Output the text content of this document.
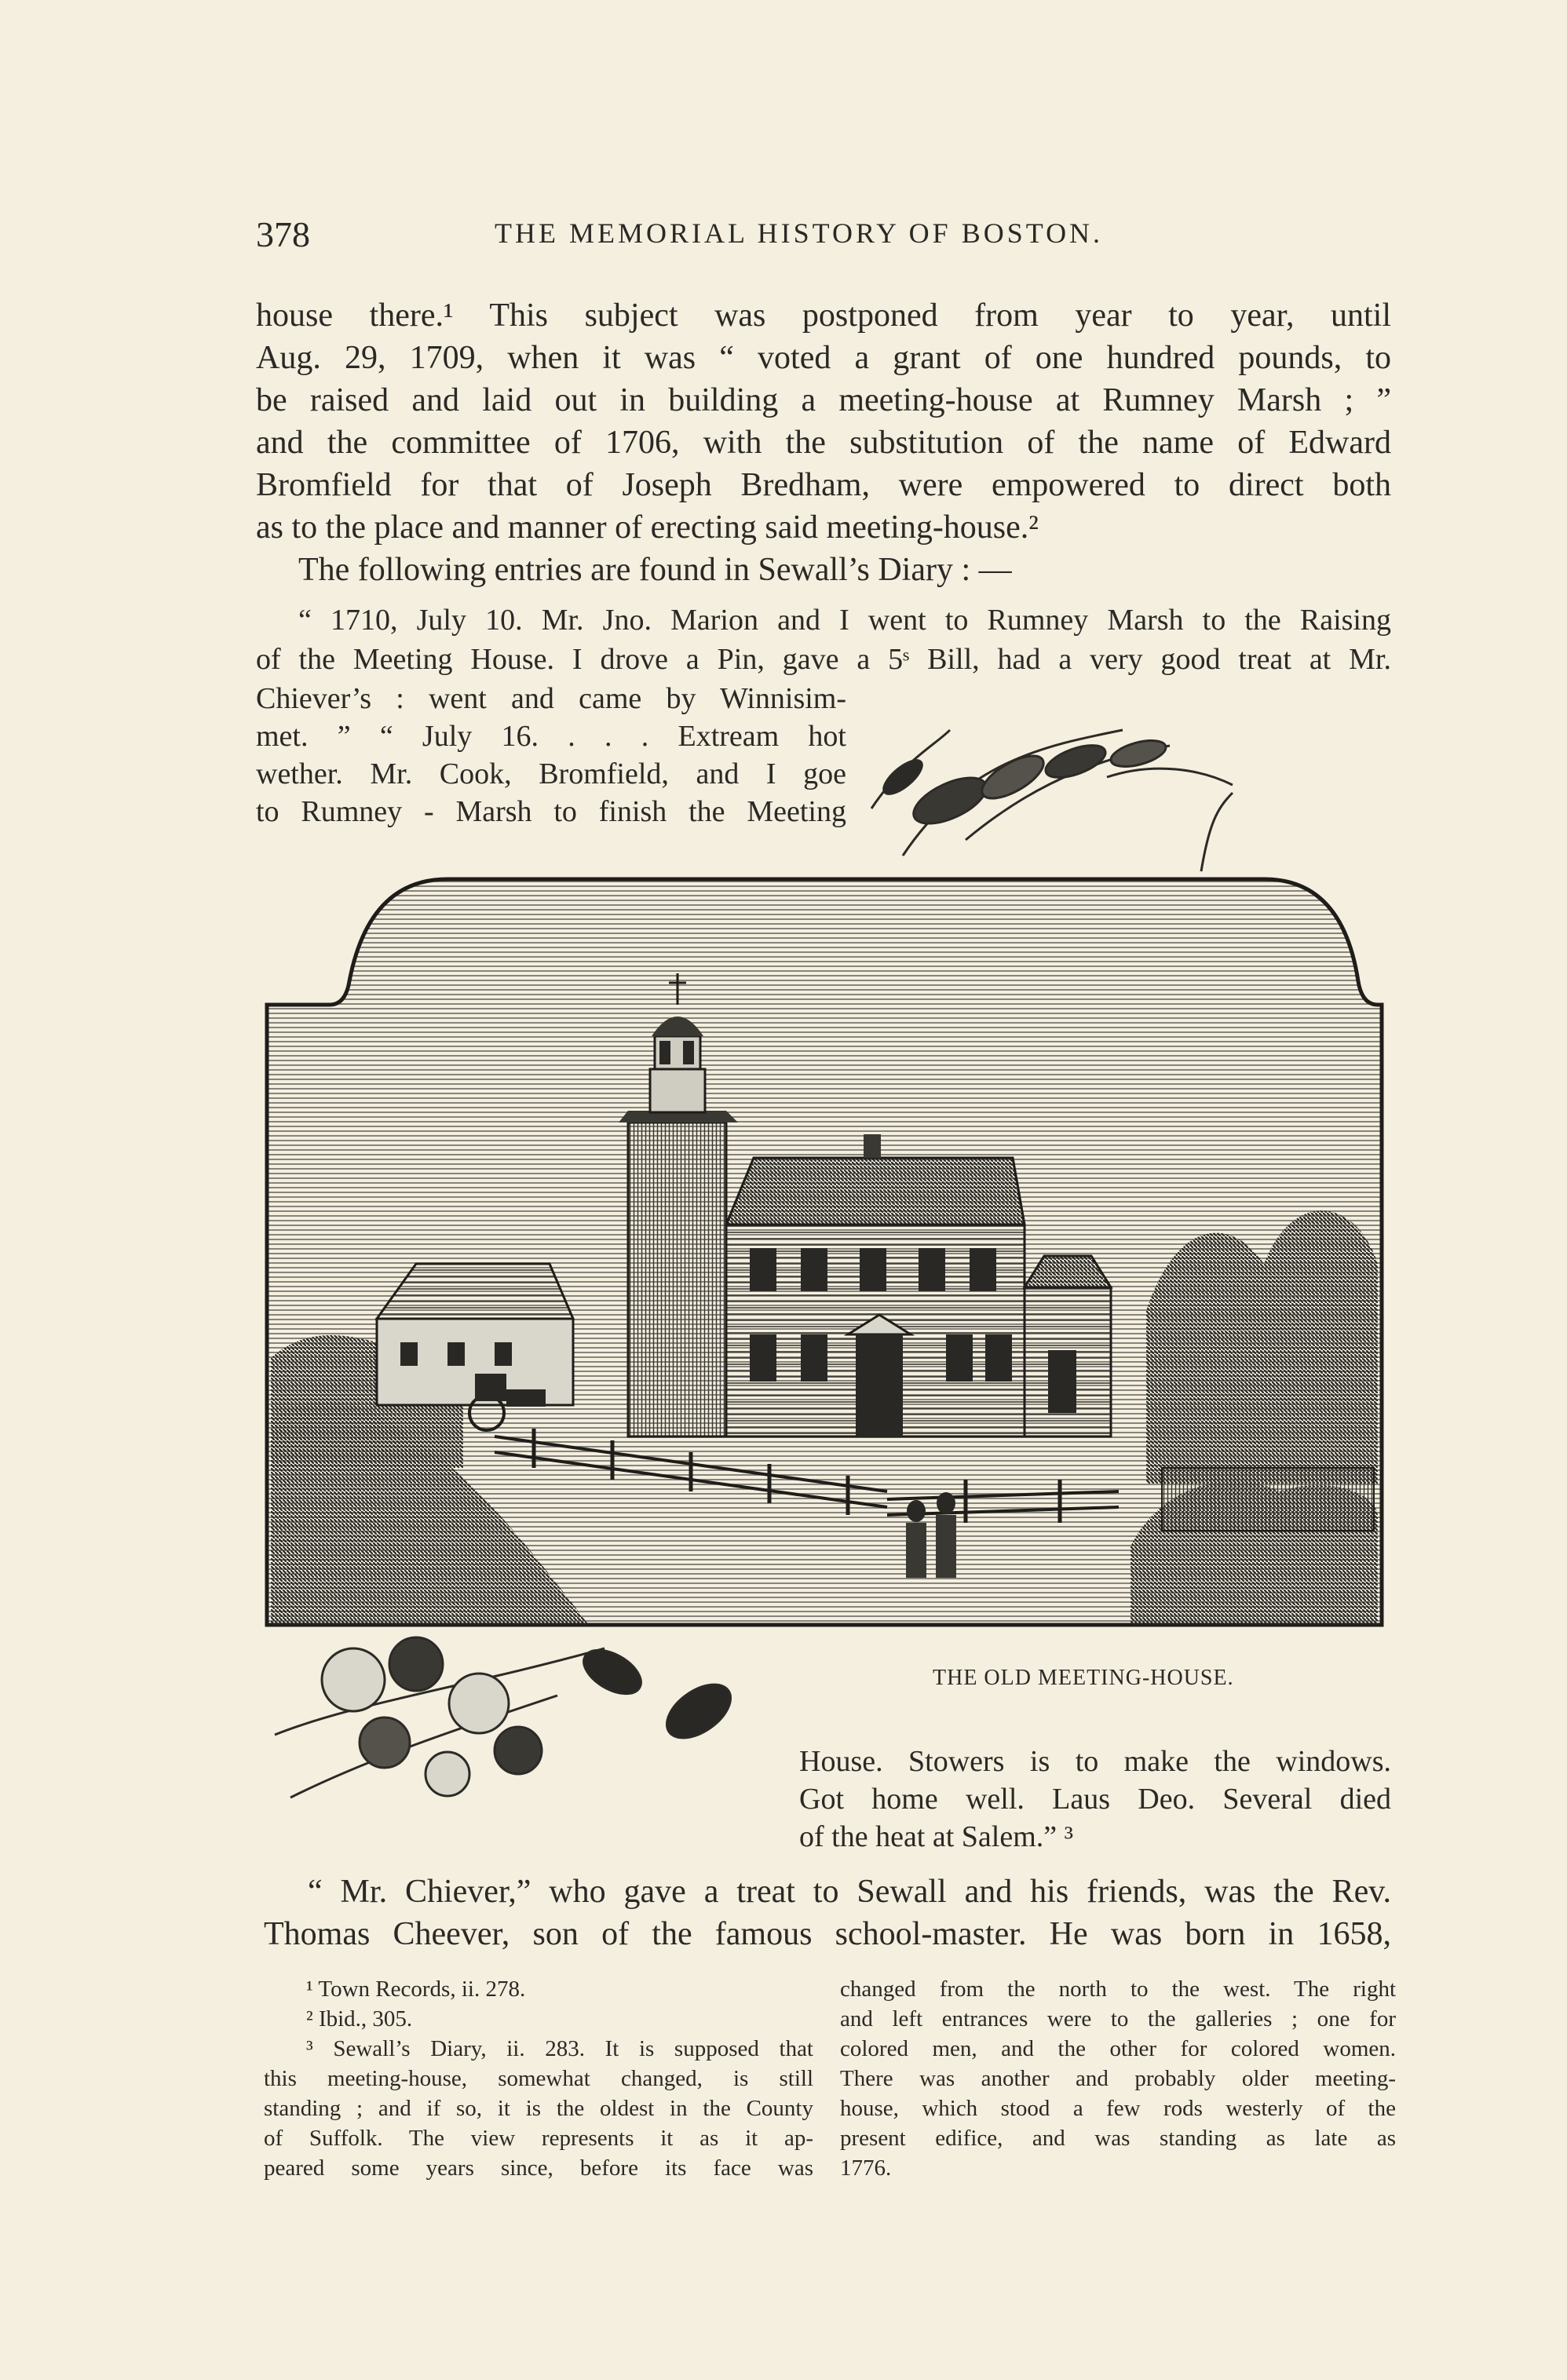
378	THE MEMORIAL HISTORY OF BOSTON.
house there.¹ This subject was postponed from year to year, until
Aug. 29, 1709, when it was “ voted a grant of one hundred pounds, to
be raised and laid out in building a meeting-house at Rumney Marsh ; ”
and the committee of 1706, with the substitution of the name of Edward
Bromfield for that of Joseph Bredham, were empowered to direct both
as to the place and manner of erecting said meeting-house.²
The following entries are found in Sewall’s Diary : —
“ 1710, July 10. Mr. Jno. Marion and I went to Rumney Marsh to the Raising
of the Meeting House. I drove a Pin, gave a 5ˢ Bill, had a very good treat at Mr.
Chiever’s : went and came by Winnisim-
met. ” “ July 16. . . . Extream hot
wether. Mr. Cook, Bromfield, and I goe
to Rumney - Marsh to finish the Meeting
THE OLD MEETING-HOUSE.
House. Stowers is to make the windows.
Got home well. Laus Deo. Several died
of the heat at Salem.” ³
“ Mr. Chiever,” who gave a treat to Sewall and his friends, was the Rev.
Thomas Cheever, son of the famous school-master. He was born in 1658,
¹ Town Records, ii. 278.
² Ibid., 305.
³ Sewall’s Diary, ii. 283. It is supposed that
this meeting-house, somewhat changed, is still
standing ; and if so, it is the oldest in the County
of Suffolk. The view represents it as it ap-
peared some years since, before its face was
changed from the north to the west. The right
and left entrances were to the galleries ; one for
colored men, and the other for colored women.
There was another and probably older meeting-
house, which stood a few rods westerly of the
present edifice, and was standing as late as
1776.
